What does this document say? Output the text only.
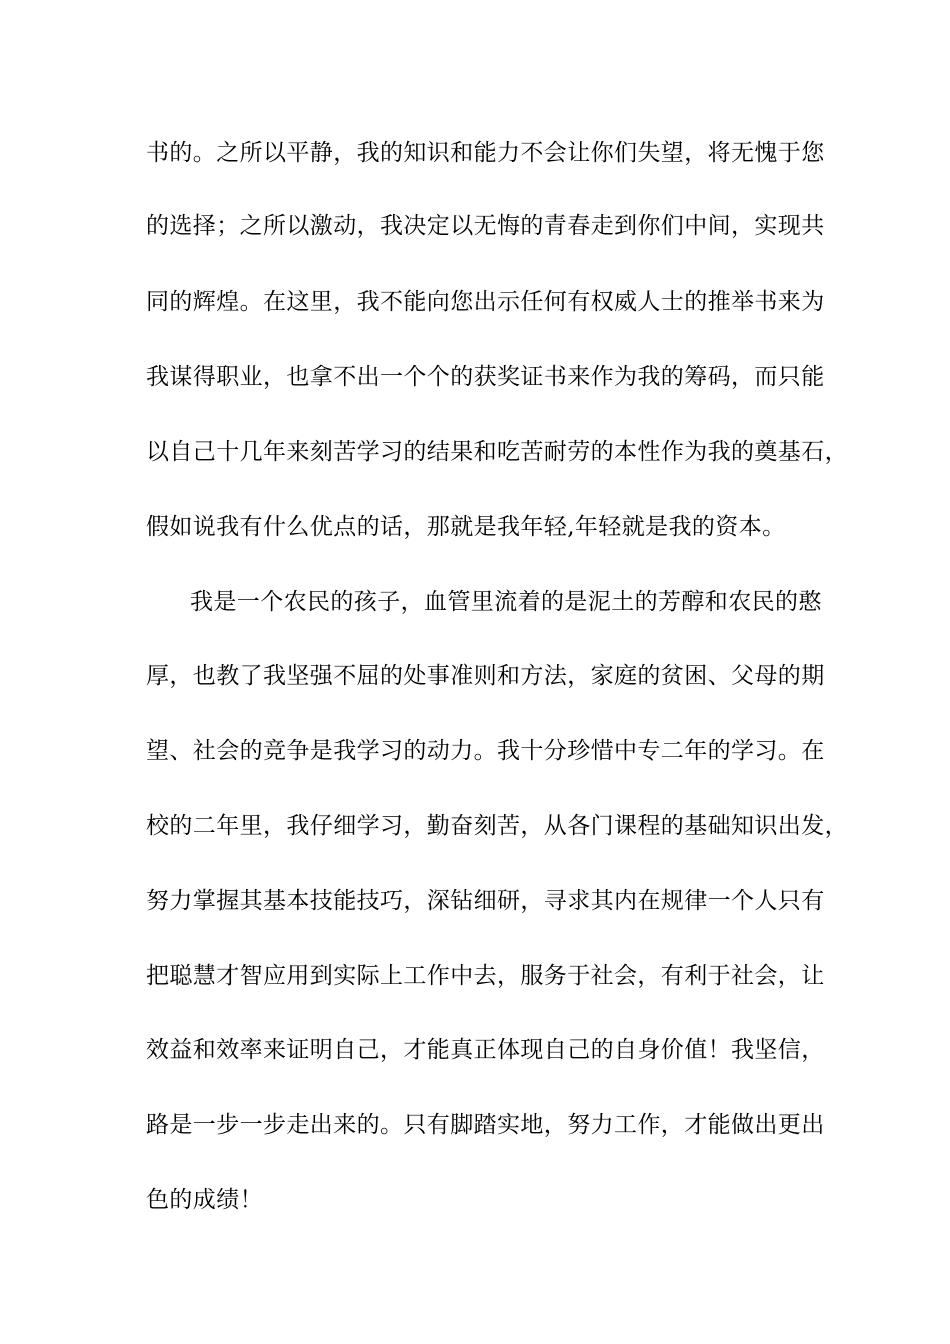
书的。之所以平静，我的知识和能力不会让你们失望，将无愧于您
的选择；之所以激动，我决定以无悔的青春走到你们中间，实现共
同的辉煌。在这里，我不能向您出示任何有权威人士的推举书来为
我谋得职业，也拿不出一个个的获奖证书来作为我的筹码，而只能
以自己十几年来刻苦学习的结果和吃苦耐劳的本性作为我的奠基石，
假如说我有什么优点的话，那就是我年轻,年轻就是我的资本。
我是一个农民的孩子，血管里流着的是泥土的芳醇和农民的憨
厚，也教了我坚强不屈的处事准则和方法，家庭的贫困、父母的期
望、社会的竞争是我学习的动力。我十分珍惜中专二年的学习。在
校的二年里，我仔细学习，勤奋刻苦，从各门课程的基础知识出发，
努力掌握其基本技能技巧，深钻细研，寻求其内在规律一个人只有
把聪慧才智应用到实际上工作中去，服务于社会，有利于社会，让
效益和效率来证明自己，才能真正体现自己的自身价值！我坚信，
路是一步一步走出来的。只有脚踏实地，努力工作，才能做出更出
色的成绩！
